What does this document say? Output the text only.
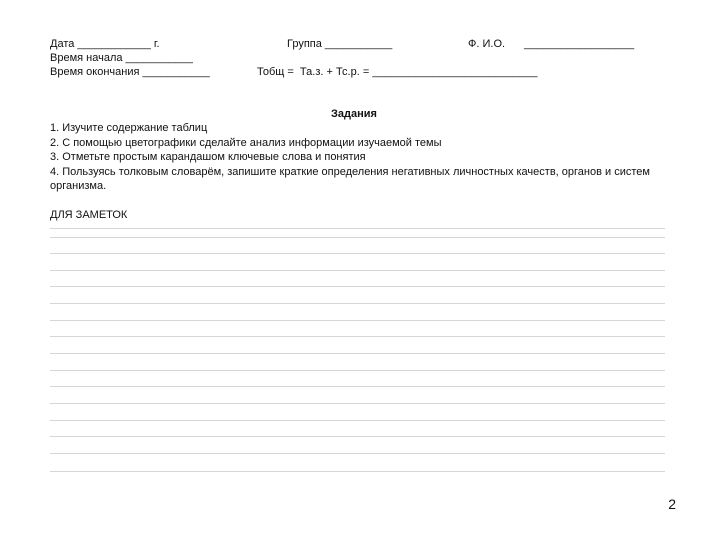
Дата ____________ г.
Время начала ___________
Время окончания ___________
Группа ___________	Ф. И.О. __________________
Тобщ =  Та.з. + Тс.р. = ___________________________
Задания
1. Изучите содержание таблиц
2. С помощью цветографики сделайте анализ информации изучаемой темы
3. Отметьте простым карандашом ключевые слова и понятия
4. Пользуясь толковым словарём, запишите краткие определения негативных личностных качеств, органов и систем организма.
ДЛЯ ЗАМЕТОК
2
